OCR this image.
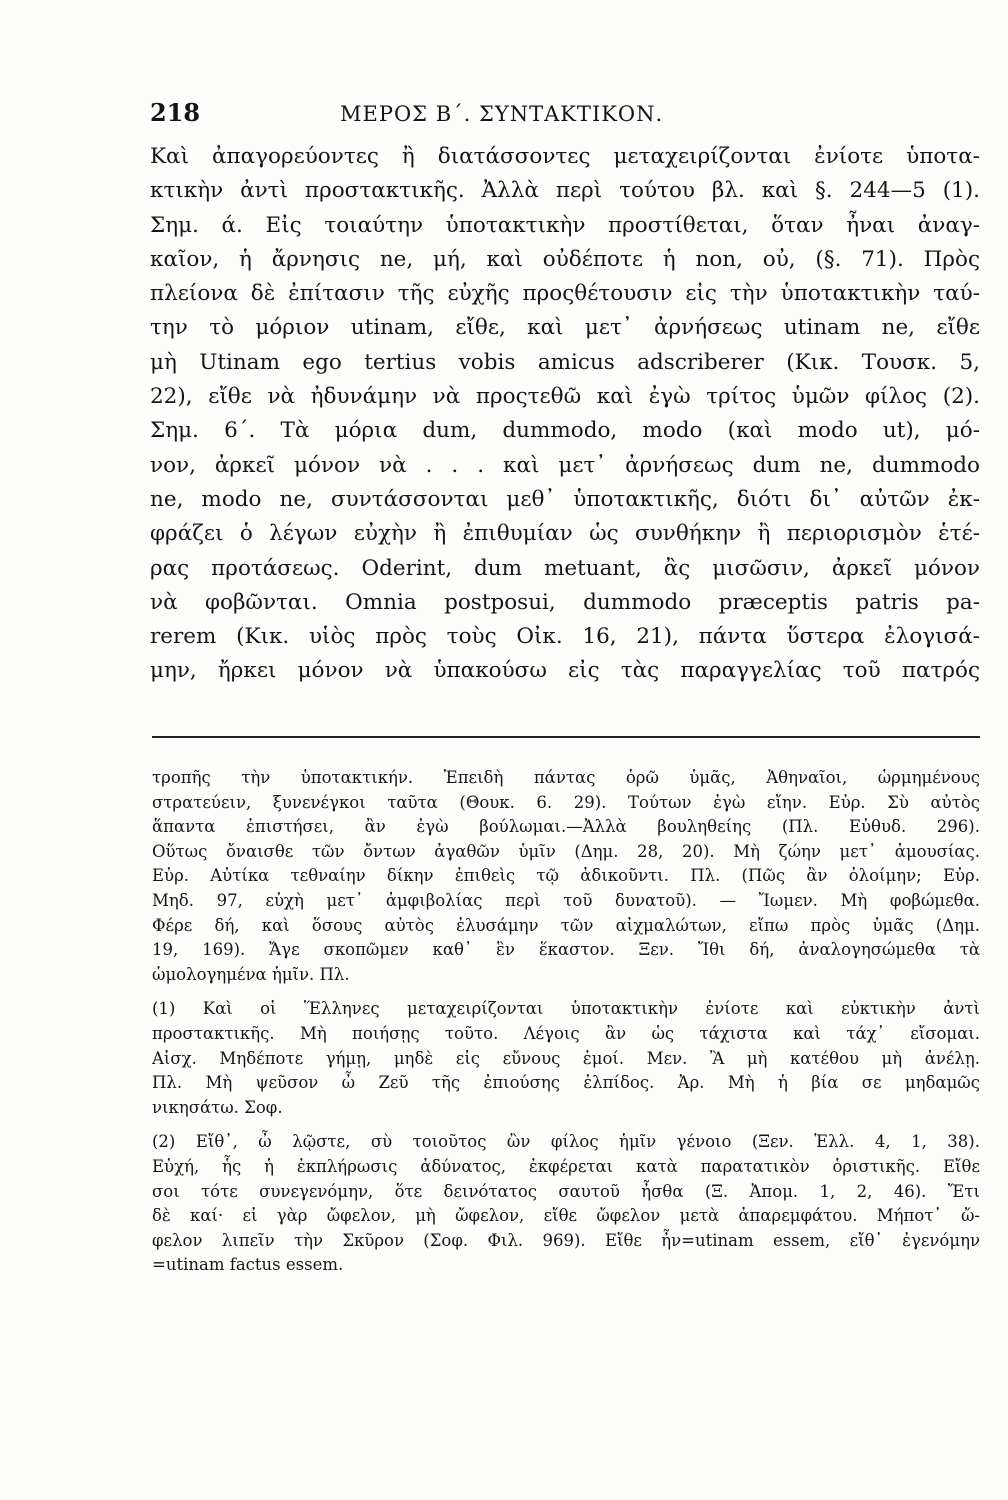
218	ΜΕΡΟΣ Β΄. ΣΥΝΤΑΚΤΙΚΟΝ.
Καὶ ἀπαγορεύοντες ἢ διατάσσοντες μεταχειρίζονται ἐνίοτε ὑποτα-
κτικὴν ἀντὶ προστακτικῆς. Ἀλλὰ περὶ τούτου βλ. καὶ §. 244—5 (1).
Σημ. ά. Εἰς τοιαύτην ὑποτακτικὴν προστίθεται, ὅταν ἦναι ἀναγ-
καῖον, ἡ ἄρνησις ne, μή, καὶ οὐδέποτε ἡ non, οὐ, (§. 71). Πρὸς
πλείονα δὲ ἐπίτασιν τῆς εὐχῆς προςθέτουσιν εἰς τὴν ὑποτακτικὴν ταύ-
την τὸ μόριον utinam, εἴθε, καὶ μετ᾽ ἀρνήσεως utinam ne, εἴθε
μὴ Utinam ego tertius vobis amicus adscriberer (Κικ. Τουσκ. 5,
22), εἴθε νὰ ἠδυνάμην νὰ προςτεθῶ καὶ ἐγὼ τρίτος ὑμῶν φίλος (2).
Σημ. 6΄. Τὰ μόρια dum, dummodo, modo (καὶ modo ut), μό-
νον, ἀρκεῖ μόνον νὰ . . . καὶ μετ᾽ ἀρνήσεως dum ne, dummodo
ne, modo ne, συντάσσονται μεθ᾽ ὑποτακτικῆς, διότι δι᾽ αὐτῶν ἐκ-
φράζει ὁ λέγων εὐχὴν ἢ ἐπιθυμίαν ὡς συνθήκην ἢ περιορισμὸν ἑτέ-
ρας προτάσεως. Oderint, dum metuant, ἂς μισῶσιν, ἀρκεῖ μόνον
νὰ φοβῶνται. Omnia postposui, dummodo præceptis patris pa-
rerem (Κικ. υἱὸς πρὸς τοὺς Οἰκ. 16, 21), πάντα ὕστερα ἐλογισά-
μην, ἤρκει μόνον νὰ ὑπακούσω εἰς τὰς παραγγελίας τοῦ πατρός
τροπῆς τὴν ὑποτακτικήν. Ἐπειδὴ πάντας ὁρῶ ὑμᾶς, Ἀθηναῖοι, ὡρμημένους
στρατεύειν, ξυνενέγκοι ταῦτα (Θουκ. 6. 29). Τούτων ἐγὼ εἴην. Εὐρ. Σὺ αὐτὸς
ἅπαντα ἐπιστήσει, ἂν ἐγὼ βούλωμαι.—Ἀλλὰ βουληθείης (Πλ. Εὐθυδ. 296).
Οὕτως ὄναισθε τῶν ὄντων ἀγαθῶν ὑμῖν (Δημ. 28, 20). Μὴ ζώην μετ᾽ ἀμουσίας.
Εὐρ. Αὐτίκα τεθναίην δίκην ἐπιθεὶς τῷ ἀδικοῦντι. Πλ. (Πῶς ἂν ὀλοίμην; Εὐρ.
Μηδ. 97, εὐχὴ μετ᾽ ἀμφιβολίας περὶ τοῦ δυνατοῦ). — Ἴωμεν. Μὴ φοβώμεθα.
Φέρε δή, καὶ ὅσους αὐτὸς ἐλυσάμην τῶν αἰχμαλώτων, εἴπω πρὸς ὑμᾶς (Δημ.
19, 169). Ἄγε σκοπῶμεν καθ᾽ ἓν ἕκαστον. Ξεν. Ἴθι δή, ἀναλογησώμεθα τὰ
ὡμολογημένα ἡμῖν. Πλ.
(1) Καὶ οἱ Ἕλληνες μεταχειρίζονται ὑποτακτικὴν ἐνίοτε καὶ εὐκτικὴν ἀντὶ
προστακτικῆς. Μὴ ποιήσῃς τοῦτο. Λέγοις ἂν ὡς τάχιστα καὶ τάχ᾽ εἴσομαι.
Αἰσχ. Μηδέποτε γήμῃ, μηδὲ εἰς εὔνους ἐμοί. Μεν. Ἂ μὴ κατέθου μὴ ἀνέλῃ.
Πλ. Μὴ ψεῦσον ὦ Ζεῦ τῆς ἐπιούσης ἐλπίδος. Ἀρ. Μὴ ἡ βία σε μηδαμῶς
νικησάτω. Σοφ.
(2) Εἴθ᾽, ὦ λῷστε, σὺ τοιοῦτος ὢν φίλος ἡμῖν γένοιο (Ξεν. Ἑλλ. 4, 1, 38).
Εὐχή, ἧς ἡ ἐκπλήρωσις ἀδύνατος, ἐκφέρεται κατὰ παρατατικὸν ὁριστικῆς. Εἴθε
σοι τότε συνεγενόμην, ὅτε δεινότατος σαυτοῦ ἦσθα (Ξ. Ἀπομ. 1, 2, 46). Ἔτι
δὲ καί· εἰ γὰρ ὤφελον, μὴ ὤφελον, εἴθε ὤφελον μετὰ ἀπαρεμφάτου. Μήποτ᾽ ὤ-
φελον λιπεῖν τὴν Σκῦρον (Σοφ. Φιλ. 969). Εἴθε ἦν=utinam essem, εἴθ᾽ ἐγενόμην
=utinam factus essem.
